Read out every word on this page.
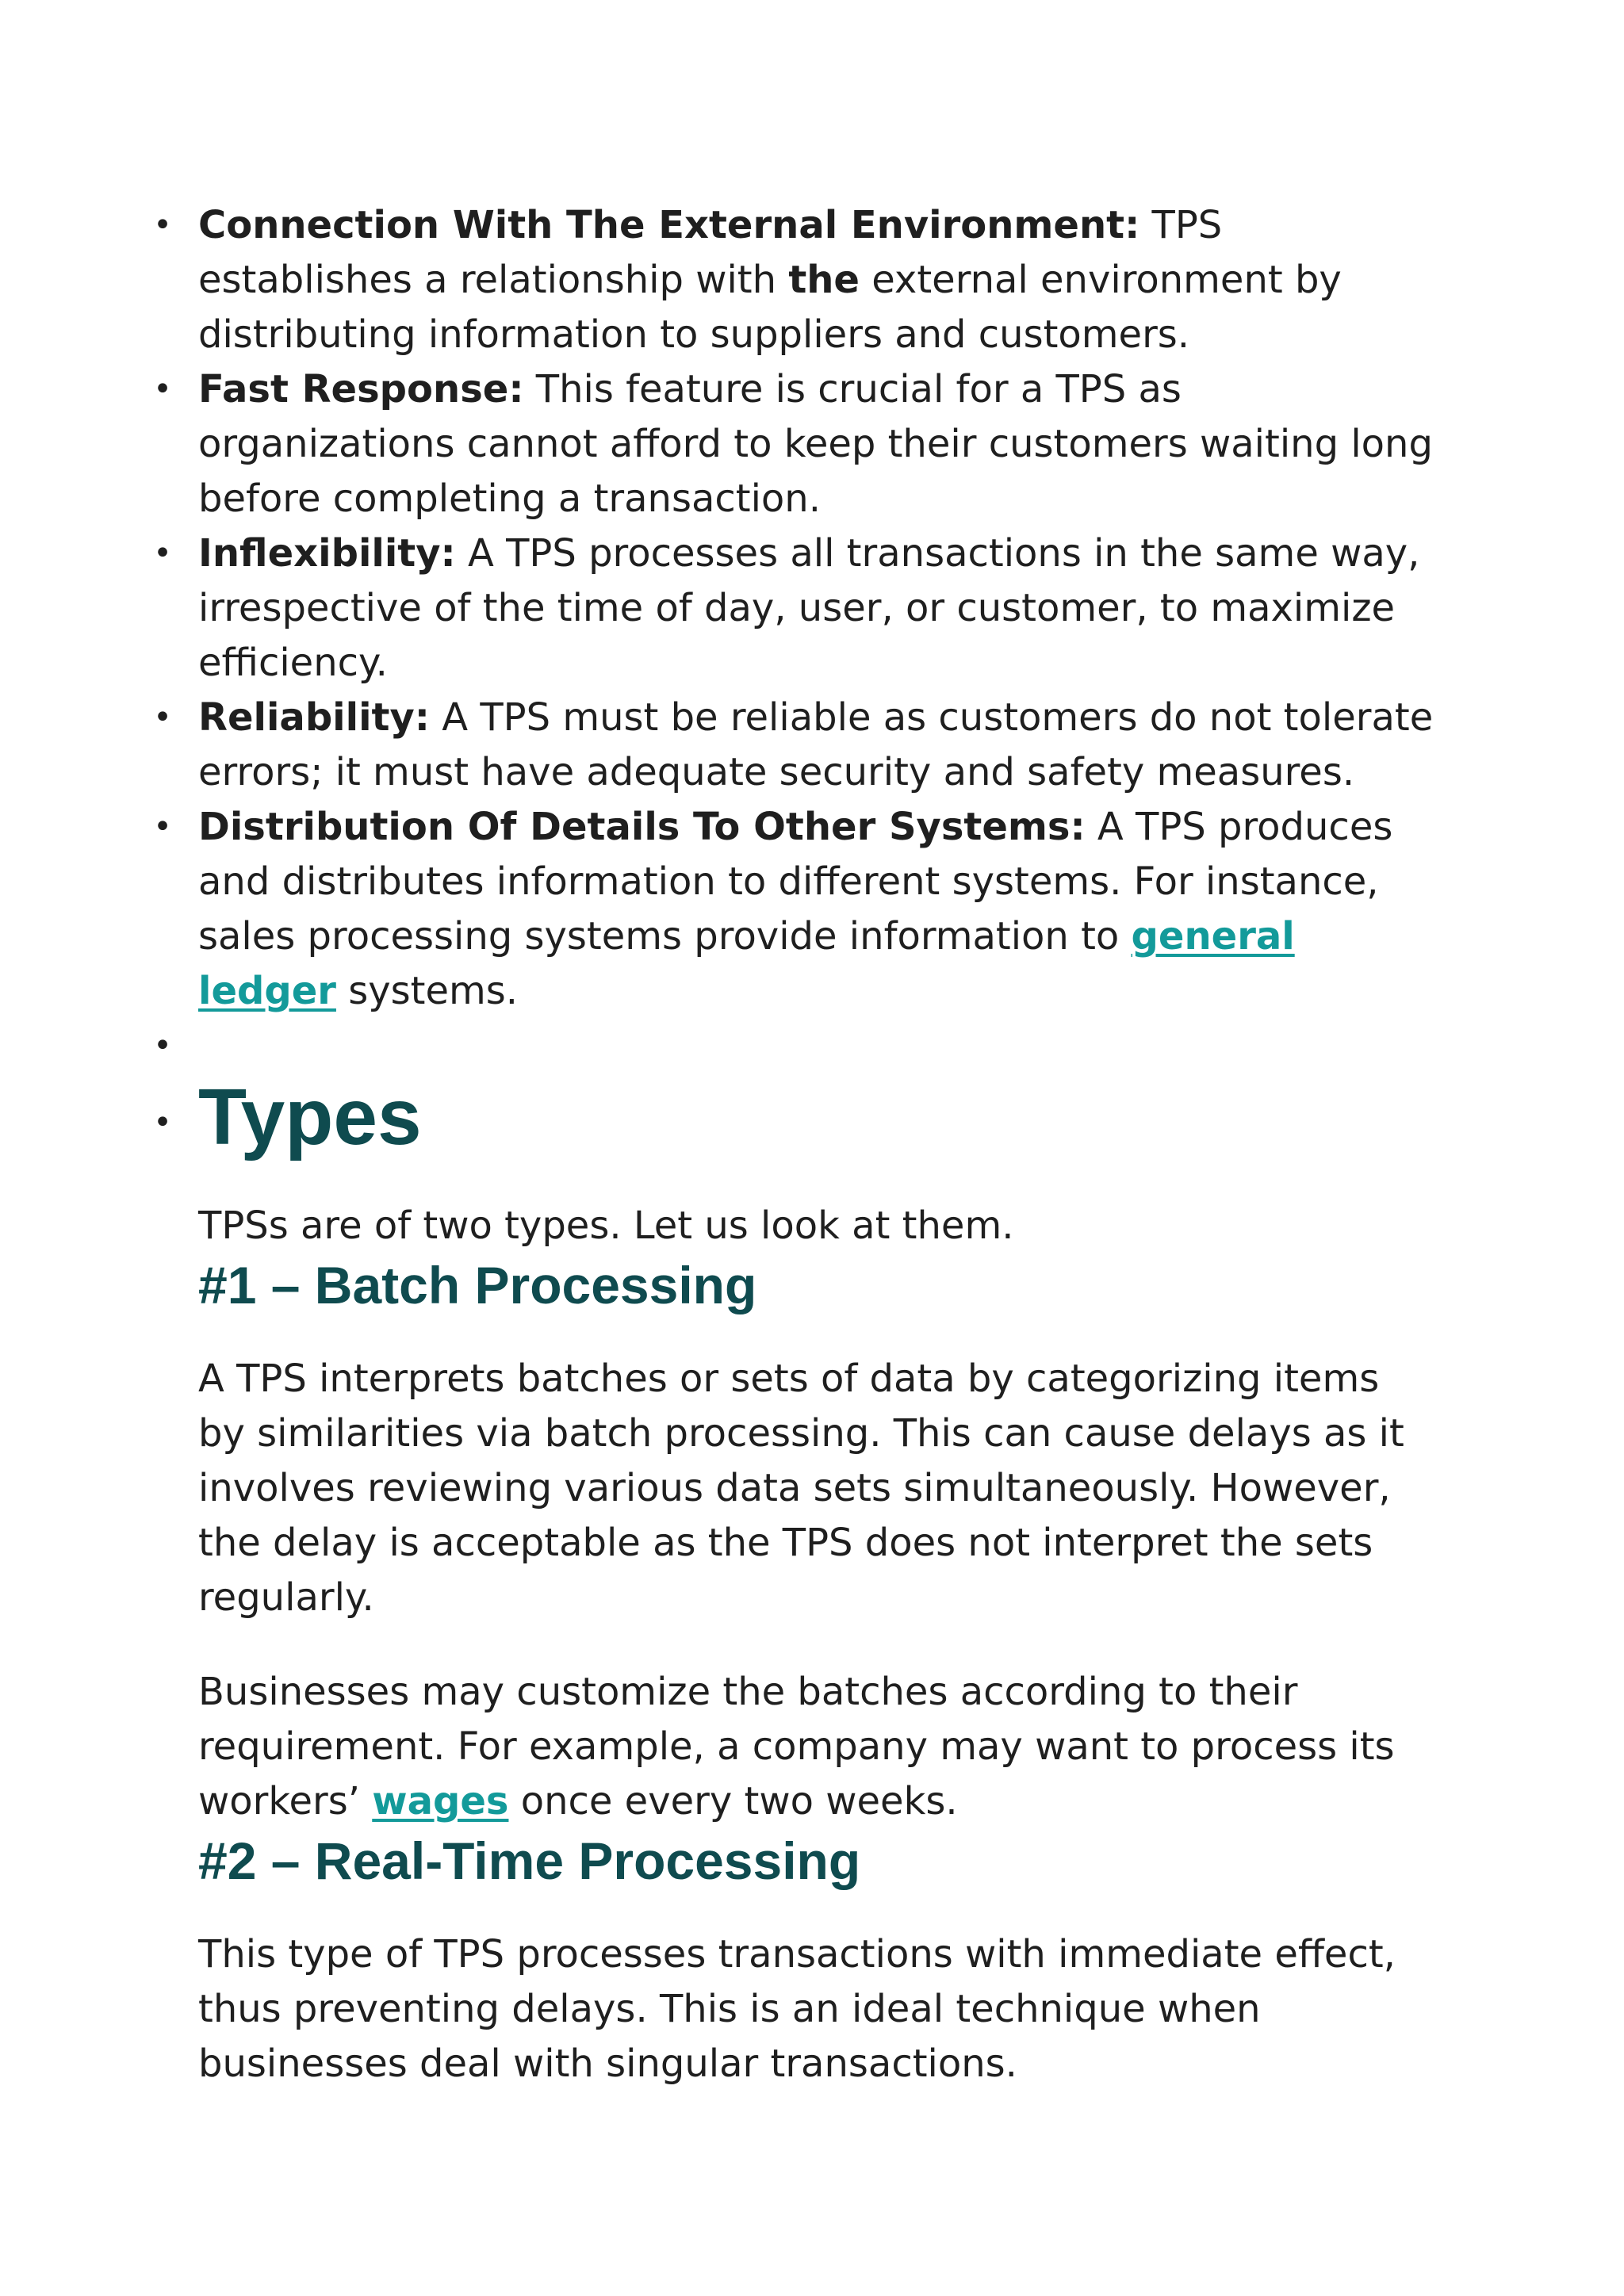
• Connection With The External Environment: TPS establishes a relationship with the external environment by distributing information to suppliers and customers.
• Fast Response: This feature is crucial for a TPS as organizations cannot afford to keep their customers waiting long before completing a transaction.
• Inflexibility: A TPS processes all transactions in the same way, irrespective of the time of day, user, or customer, to maximize efficiency.
• Reliability: A TPS must be reliable as customers do not tolerate errors; it must have adequate security and safety measures.
• Distribution Of Details To Other Systems: A TPS produces and distributes information to different systems. For instance, sales processing systems provide information to general ledger systems.
•
• Types

TPSs are of two types. Let us look at them.

#1 – Batch Processing

A TPS interprets batches or sets of data by categorizing items by similarities via batch processing. This can cause delays as it involves reviewing various data sets simultaneously. However, the delay is acceptable as the TPS does not interpret the sets regularly.

Businesses may customize the batches according to their requirement. For example, a company may want to process its workers’ wages once every two weeks.

#2 – Real-Time Processing

This type of TPS processes transactions with immediate effect, thus preventing delays. This is an ideal technique when businesses deal with singular transactions.
